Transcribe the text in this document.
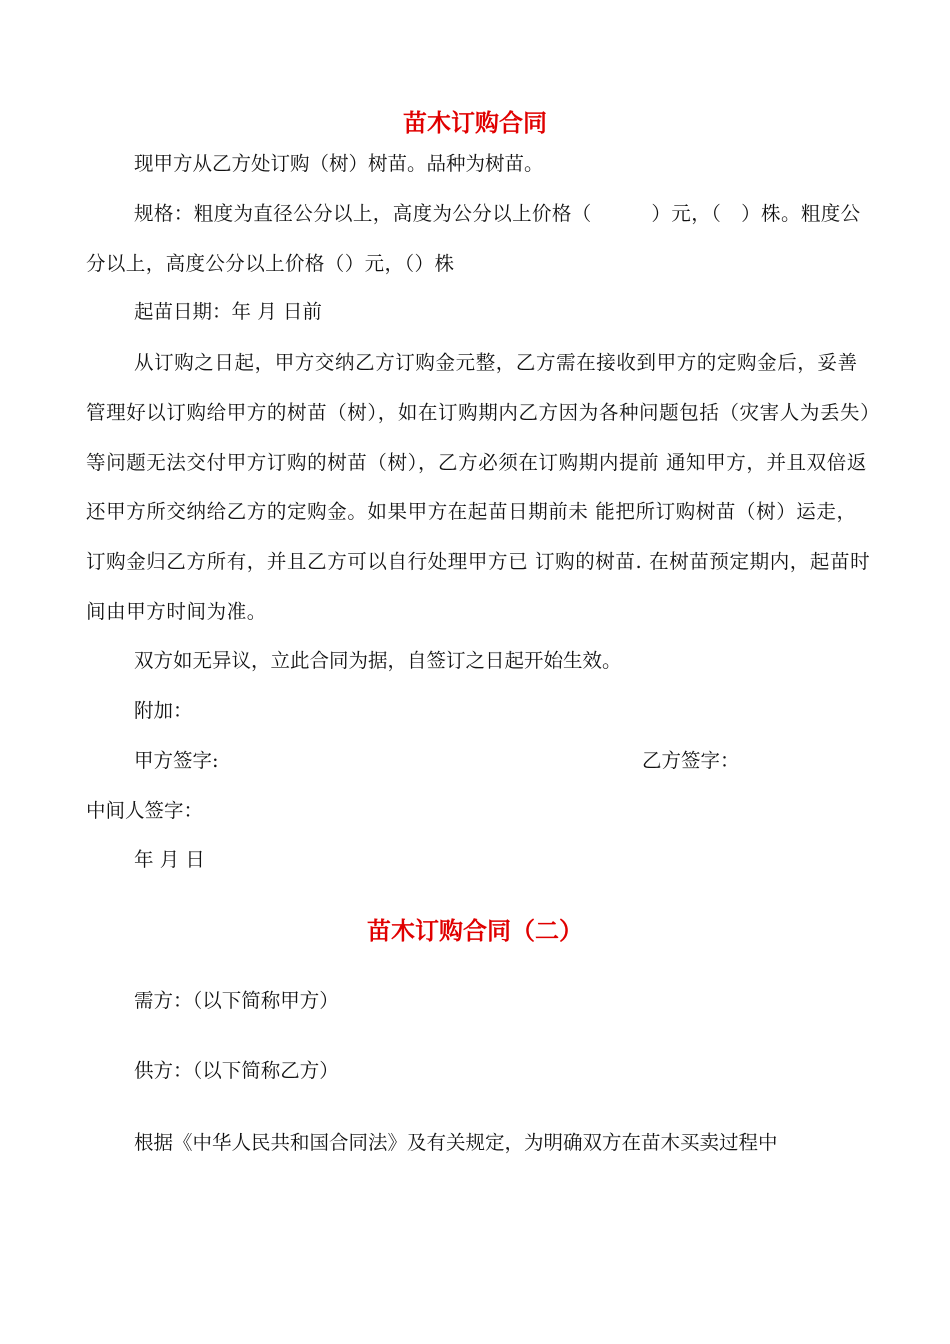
苗木订购合同
现甲方从乙方处订购（树）树苗。品种为树苗。
规格：粗度为直径公分以上，高度为公分以上价格（　　　）元，（　）株。粗度公分以上，高度公分以上价格（）元，（）株
起苗日期：年 月 日前
从订购之日起，甲方交纳乙方订购金元整，乙方需在接收到甲方的定购金后，妥善管理好以订购给甲方的树苗（树），如在订购期内乙方因为各种问题包括（灾害人为丢失）等问题无法交付甲方订购的树苗（树），乙方必须在订购期内提前 通知甲方，并且双倍返还甲方所交纳给乙方的定购金。如果甲方在起苗日期前未 能把所订购树苗（树）运走，订购金归乙方所有，并且乙方可以自行处理甲方已 订购的树苗. 在树苗预定期内，起苗时间由甲方时间为准。
双方如无异议，立此合同为据，自签订之日起开始生效。
附加：
甲方签字:	乙方签字：
中间人签字：
年 月 日
苗木订购合同（二）
需方：（以下简称甲方）
供方：（以下简称乙方）
根据《中华人民共和国合同法》及有关规定，为明确双方在苗木买卖过程中
